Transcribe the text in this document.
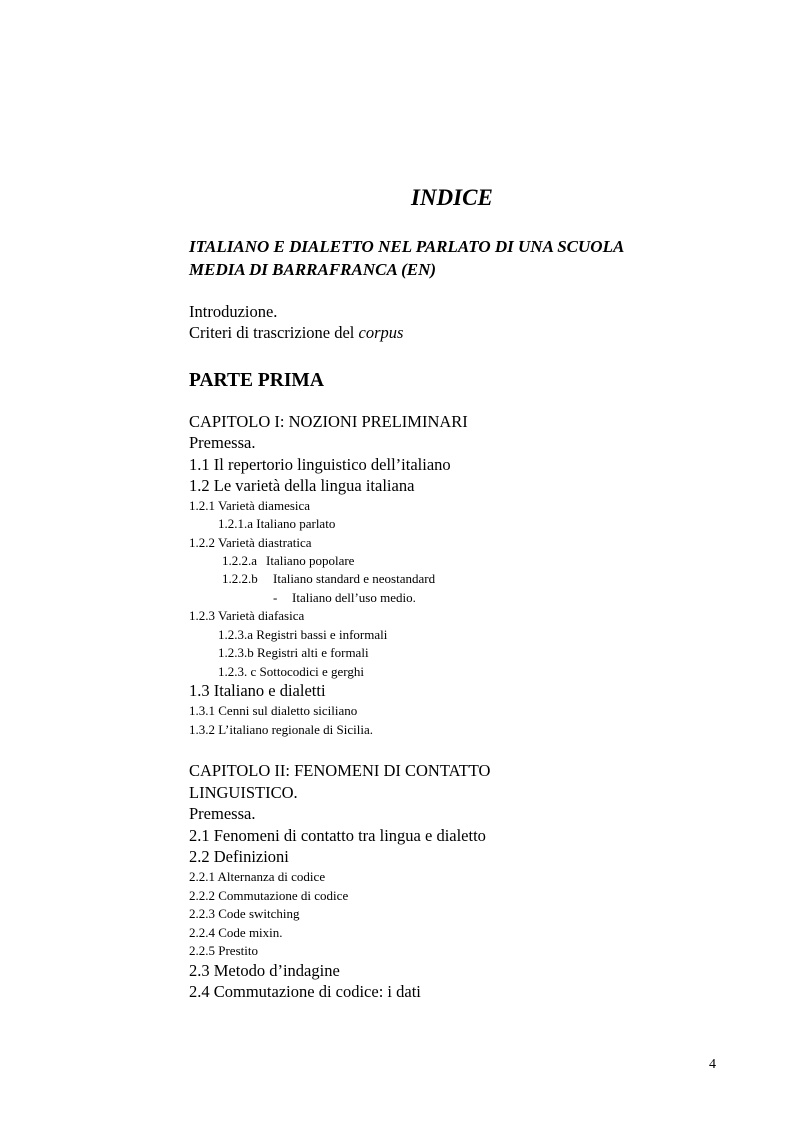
INDICE
ITALIANO E DIALETTO NEL PARLATO DI UNA SCUOLA
MEDIA DI BARRAFRANCA (EN)
Introduzione.
Criteri di trascrizione del corpus
PARTE PRIMA
CAPITOLO I: NOZIONI PRELIMINARI
Premessa.
1.1 Il repertorio linguistico dell’italiano
1.2 Le varietà della lingua italiana
1.2.1 Varietà diamesica
1.2.1.a Italiano parlato
1.2.2 Varietà diastratica
1.2.2.a Italiano popolare
1.2.2.b Italiano standard e neostandard
- Italiano dell’uso medio.
1.2.3 Varietà diafasica
1.2.3.a Registri bassi e informali
1.2.3.b Registri alti e formali
1.2.3. c Sottocodici e gerghi
1.3 Italiano e dialetti
1.3.1 Cenni sul dialetto siciliano
1.3.2 L’italiano regionale di Sicilia.
CAPITOLO II: FENOMENI DI CONTATTO
LINGUISTICO.
Premessa.
2.1 Fenomeni di contatto tra lingua e dialetto
2.2 Definizioni
2.2.1 Alternanza di codice
2.2.2 Commutazione di codice
2.2.3 Code switching
2.2.4 Code mixin.
2.2.5 Prestito
2.3 Metodo d’indagine
2.4 Commutazione di codice: i dati
4
